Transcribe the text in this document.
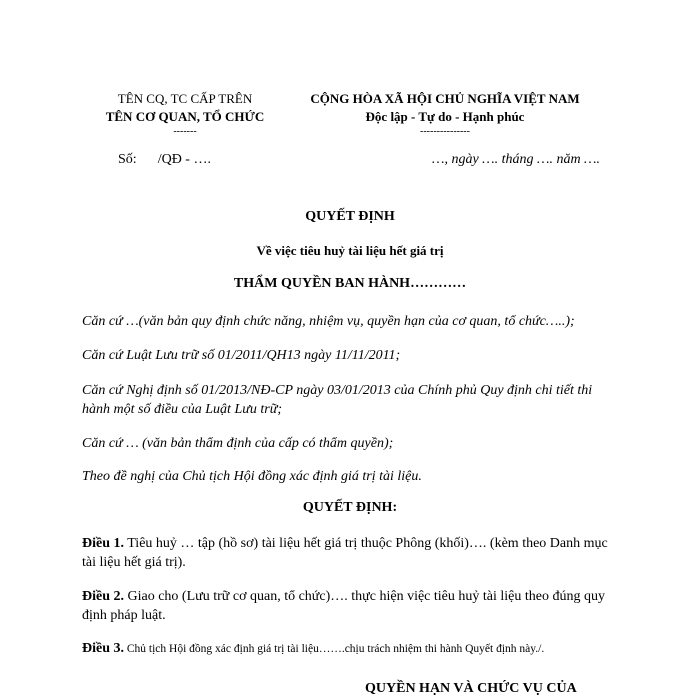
TÊN CQ, TC CẤP TRÊN
TÊN CƠ QUAN, TỔ CHỨC
-------
CỘNG HÒA XÃ HỘI CHỦ NGHĨA VIỆT NAM
Độc lập - Tự do - Hạnh phúc
---------------
Số: /QĐ - ….	…, ngày …. tháng …. năm ….
QUYẾT ĐỊNH
Về việc tiêu huỷ tài liệu hết giá trị
THẨM QUYỀN BAN HÀNH…………
Căn cứ …(văn bản quy định chức năng, nhiệm vụ, quyền hạn của cơ quan, tổ chức…..);
Căn cứ Luật Lưu trữ số 01/2011/QH13 ngày 11/11/2011;
Căn cứ Nghị định số 01/2013/NĐ-CP ngày 03/01/2013 của Chính phủ Quy định chi tiết thi hành một số điều của Luật Lưu trữ;
Căn cứ … (văn bản thẩm định của cấp có thẩm quyền);
Theo đề nghị của Chủ tịch Hội đồng xác định giá trị tài liệu.
QUYẾT ĐỊNH:
Điều 1. Tiêu huỷ … tập (hồ sơ) tài liệu hết giá trị thuộc Phông (khối)…. (kèm theo Danh mục tài liệu hết giá trị).
Điều 2. Giao cho (Lưu trữ cơ quan, tổ chức)…. thực hiện việc tiêu huỷ tài liệu theo đúng quy định pháp luật.
Điều 3. Chủ tịch Hội đồng xác định giá trị tài liệu…….chịu trách nhiệm thi hành Quyết định này./.
QUYỀN HẠN VÀ CHỨC VỤ CỦA
